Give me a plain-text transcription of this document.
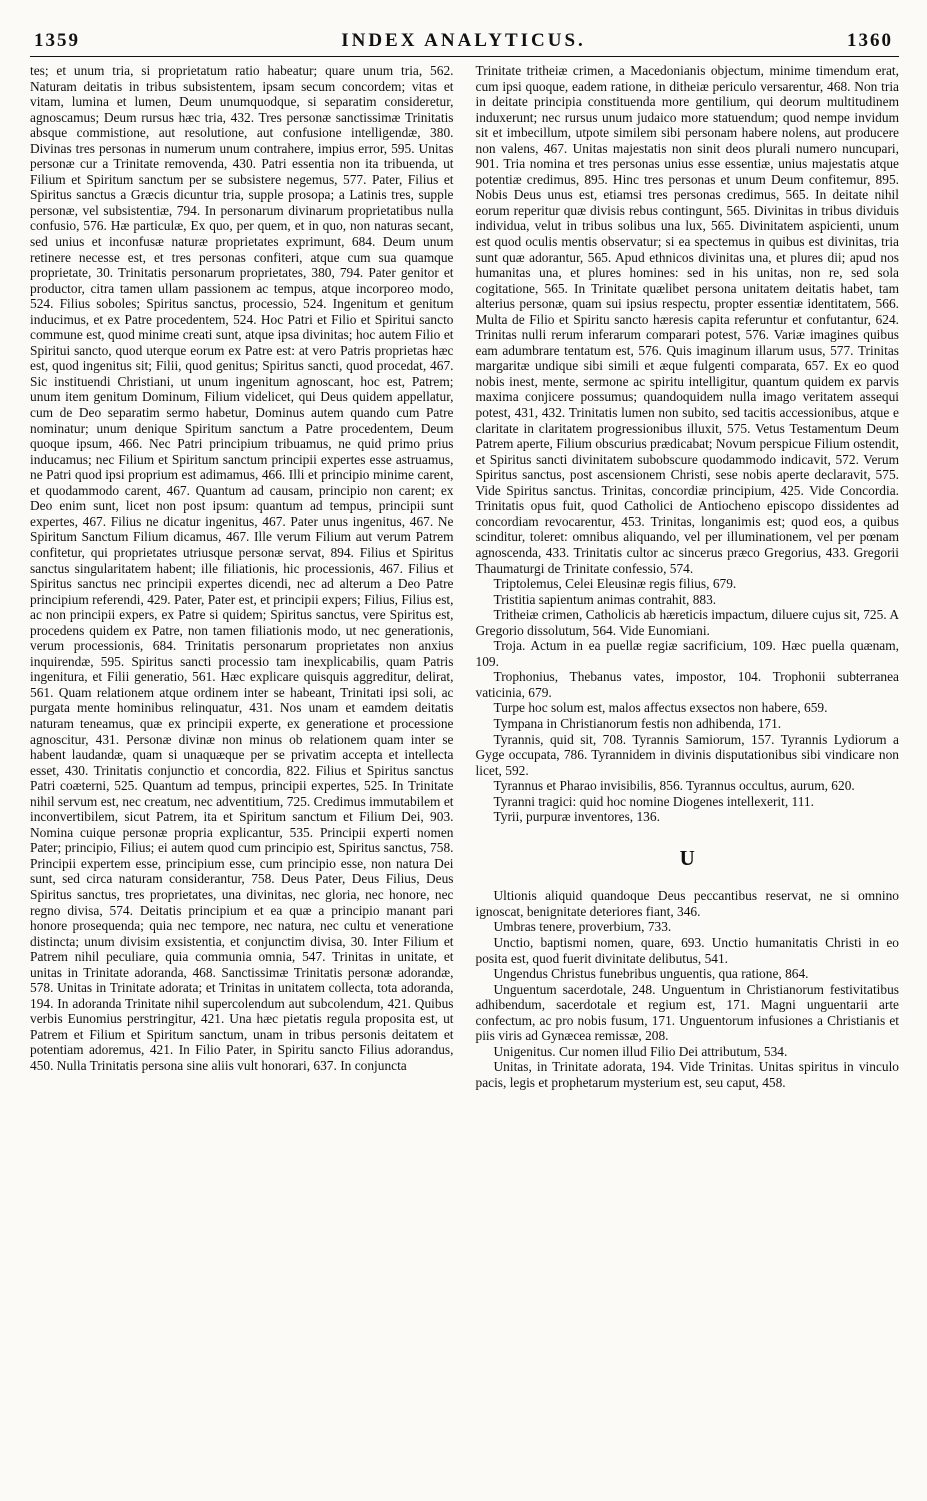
1359	INDEX ANALYTICUS.	1360

tes; et unum tria, si proprietatum ratio habeatur; quare unum tria, 562. Naturam deitatis in tribus subsistentem, ipsam secum concordem; vitas et vitam, lumina et lumen, Deum unumquodque, si separatim consideretur, agnoscamus; Deum rursus hæc tria, 432. Tres personæ sanctissimæ Trinitatis absque commistione, aut resolutione, aut confusione intelligendæ, 380. Divinas tres personas in numerum unum contrahere, impius error, 595. Unitas personæ cur a Trinitate removenda, 430. Patri essentia non ita tribuenda, ut Filium et Spiritum sanctum per se subsistere negemus, 577. Pater, Filius et Spiritus sanctus a Græcis dicuntur tria, supple prosopa; a Latinis tres, supple personæ, vel subsistentiæ, 794. In personarum divinarum proprietatibus nulla confusio, 576. Hæ particulæ, Ex quo, per quem, et in quo, non naturas secant, sed unius et inconfusæ naturæ proprietates exprimunt, 684. Deum unum retinere necesse est, et tres personas confiteri, atque cum sua quamque proprietate, 30. Trinitatis personarum proprietates, 380, 794. Pater genitor et productor, citra tamen ullam passionem ac tempus, atque incorporeo modo, 524. Filius soboles; Spiritus sanctus, processio, 524. Ingenitum et genitum inducimus, et ex Patre procedentem, 524. Hoc Patri et Filio et Spiritui sancto commune est, quod minime creati sunt, atque ipsa divinitas; hoc autem Filio et Spiritui sancto, quod uterque eorum ex Patre est: at vero Patris proprietas hæc est, quod ingenitus sit; Filii, quod genitus; Spiritus sancti, quod procedat, 467. Sic instituendi Christiani, ut unum ingenitum agnoscant, hoc est, Patrem; unum item genitum Dominum, Filium videlicet, qui Deus quidem appellatur, cum de Deo separatim sermo habetur, Dominus autem quando cum Patre nominatur; unum denique Spiritum sanctum a Patre procedentem, Deum quoque ipsum, 466. Nec Patri principium tribuamus, ne quid primo prius inducamus; nec Filium et Spiritum sanctum principii expertes esse astruamus, ne Patri quod ipsi proprium est adimamus, 466. Illi et principio minime carent, et quodammodo carent, 467. Quantum ad causam, principio non carent; ex Deo enim sunt, licet non post ipsum: quantum ad tempus, principii sunt expertes, 467. Filius ne dicatur ingenitus, 467. Pater unus ingenitus, 467. Ne Spiritum Sanctum Filium dicamus, 467. Ille verum Filium aut verum Patrem confitetur, qui proprietates utriusque personæ servat, 894. Filius et Spiritus sanctus singularitatem habent; ille filiationis, hic processionis, 467. Filius et Spiritus sanctus nec principii expertes dicendi, nec ad alterum a Deo Patre principium referendi, 429. Pater, Pater est, et principii expers; Filius, Filius est, ac non principii expers, ex Patre si quidem; Spiritus sanctus, vere Spiritus est, procedens quidem ex Patre, non tamen filiationis modo, ut nec generationis, verum processionis, 684. Trinitatis personarum proprietates non anxius inquirendæ, 595. Spiritus sancti processio tam inexplicabilis, quam Patris ingenitura, et Filii generatio, 561. Hæc explicare quisquis aggreditur, delirat, 561. Quam relationem atque ordinem inter se habeant, Trinitati ipsi soli, ac purgata mente hominibus relinquatur, 431. Nos unam et eamdem deitatis naturam teneamus, quæ ex principii experte, ex generatione et processione agnoscitur, 431. Personæ divinæ non minus ob relationem quam inter se habent laudandæ, quam si unaquæque per se privatim accepta et intellecta esset, 430. Trinitatis conjunctio et concordia, 822. Filius et Spiritus sanctus Patri coæterni, 525. Quantum ad tempus, principii expertes, 525. In Trinitate nihil servum est, nec creatum, nec adventitium, 725. Credimus immutabilem et inconvertibilem, sicut Patrem, ita et Spiritum sanctum et Filium Dei, 903. Nomina cuique personæ propria explicantur, 535. Principii experti nomen Pater; principio, Filius; ei autem quod cum principio est, Spiritus sanctus, 758. Principii expertem esse, principium esse, cum principio esse, non natura Dei sunt, sed circa naturam considerantur, 758. Deus Pater, Deus Filius, Deus Spiritus sanctus, tres proprietates, una divinitas, nec gloria, nec honore, nec regno divisa, 574. Deitatis principium et ea quæ a principio manant pari honore prosequenda; quia nec tempore, nec natura, nec cultu et veneratione distincta; unum divisim exsistentia, et conjunctim divisa, 30. Inter Filium et Patrem nihil peculiare, quia communia omnia, 547. Trinitas in unitate, et unitas in Trinitate adoranda, 468. Sanctissimæ Trinitatis personæ adorandæ, 578. Unitas in Trinitate adorata; et Trinitas in unitatem collecta, tota adoranda, 194. In adoranda Trinitate nihil supercolendum aut subcolendum, 421. Quibus verbis Eunomius perstringitur, 421. Una hæc pietatis regula proposita est, ut Patrem et Filium et Spiritum sanctum, unam in tribus personis deitatem et potentiam adoremus, 421. In Filio Pater, in Spiritu sancto Filius adorandus, 450. Nulla Trinitatis persona sine aliis vult honorari, 637. In conjuncta

Trinitate tritheiæ crimen, a Macedonianis objectum, minime timendum erat, cum ipsi quoque, eadem ratione, in ditheiæ periculo versarentur, 468. Non tria in deitate principia constituenda more gentilium, qui deorum multitudinem induxerunt; nec rursus unum judaico more statuendum; quod nempe invidum sit et imbecillum, utpote similem sibi personam habere nolens, aut producere non valens, 467. Unitas majestatis non sinit deos plurali numero nuncupari, 901. Tria nomina et tres personas unius esse essentiæ, unius majestatis atque potentiæ credimus, 895. Hinc tres personas et unum Deum confitemur, 895. Nobis Deus unus est, etiamsi tres personas credimus, 565. In deitate nihil eorum reperitur quæ divisis rebus contingunt, 565. Divinitas in tribus dividuis individua, velut in tribus solibus una lux, 565. Divinitatem aspicienti, unum est quod oculis mentis observatur; si ea spectemus in quibus est divinitas, tria sunt quæ adorantur, 565. Apud ethnicos divinitas una, et plures dii; apud nos humanitas una, et plures homines: sed in his unitas, non re, sed sola cogitatione, 565. In Trinitate quælibet persona unitatem deitatis habet, tam alterius personæ, quam sui ipsius respectu, propter essentiæ identitatem, 566. Multa de Filio et Spiritu sancto hæresis capita referuntur et confutantur, 624. Trinitas nulli rerum inferarum comparari potest, 576. Variæ imagines quibus eam adumbrare tentatum est, 576. Quis imaginum illarum usus, 577. Trinitas margaritæ undique sibi simili et æque fulgenti comparata, 657. Ex eo quod nobis inest, mente, sermone ac spiritu intelligitur, quantum quidem ex parvis maxima conjicere possumus; quandoquidem nulla imago veritatem assequi potest, 431, 432. Trinitatis lumen non subito, sed tacitis accessionibus, atque e claritate in claritatem progressionibus illuxit, 575. Vetus Testamentum Deum Patrem aperte, Filium obscurius prædicabat; Novum perspicue Filium ostendit, et Spiritus sancti divinitatem subobscure quodammodo indicavit, 572. Verum Spiritus sanctus, post ascensionem Christi, sese nobis aperte declaravit, 575. Vide Spiritus sanctus. Trinitas, concordiæ principium, 425. Vide Concordia. Trinitatis opus fuit, quod Catholici de Antiocheno episcopo dissidentes ad concordiam revocarentur, 453. Trinitas, longanimis est; quod eos, a quibus scinditur, toleret: omnibus aliquando, vel per illuminationem, vel per pœnam agnoscenda, 433. Trinitatis cultor ac sincerus præco Gregorius, 433. Gregorii Thaumaturgi de Trinitate confessio, 574.

Triptolemus, Celei Eleusinæ regis filius, 679.

Tristitia sapientum animas contrahit, 883.

Tritheiæ crimen, Catholicis ab hæreticis impactum, diluere cujus sit, 725. A Gregorio dissolutum, 564. Vide Eunomiani.

Troja. Actum in ea puellæ regiæ sacrificium, 109. Hæc puella quænam, 109.

Trophonius, Thebanus vates, impostor, 104. Trophonii subterranea vaticinia, 679.

Turpe hoc solum est, malos affectus exsectos non habere, 659.

Tympana in Christianorum festis non adhibenda, 171.

Tyrannis, quid sit, 708. Tyrannis Samiorum, 157. Tyrannis Lydiorum a Gyge occupata, 786. Tyrannidem in divinis disputationibus sibi vindicare non licet, 592.

Tyrannus et Pharao invisibilis, 856. Tyrannus occultus, aurum, 620.

Tyranni tragici: quid hoc nomine Diogenes intellexerit, 111.

Tyrii, purpuræ inventores, 136.

U

Ultionis aliquid quandoque Deus peccantibus reservat, ne si omnino ignoscat, benignitate deteriores fiant, 346.

Umbras tenere, proverbium, 733.

Unctio, baptismi nomen, quare, 693. Unctio humanitatis Christi in eo posita est, quod fuerit divinitate delibutus, 541.

Ungendus Christus funebribus unguentis, qua ratione, 864.

Unguentum sacerdotale, 248. Unguentum in Christianorum festivitatibus adhibendum, sacerdotale et regium est, 171. Magni unguentarii arte confectum, ac pro nobis fusum, 171. Unguentorum infusiones a Christianis et piis viris ad Gynæcea remissæ, 208.

Unigenitus. Cur nomen illud Filio Dei attributum, 534.

Unitas, in Trinitate adorata, 194. Vide Trinitas. Unitas spiritus in vinculo pacis, legis et prophetarum mysterium est, seu caput, 458.
